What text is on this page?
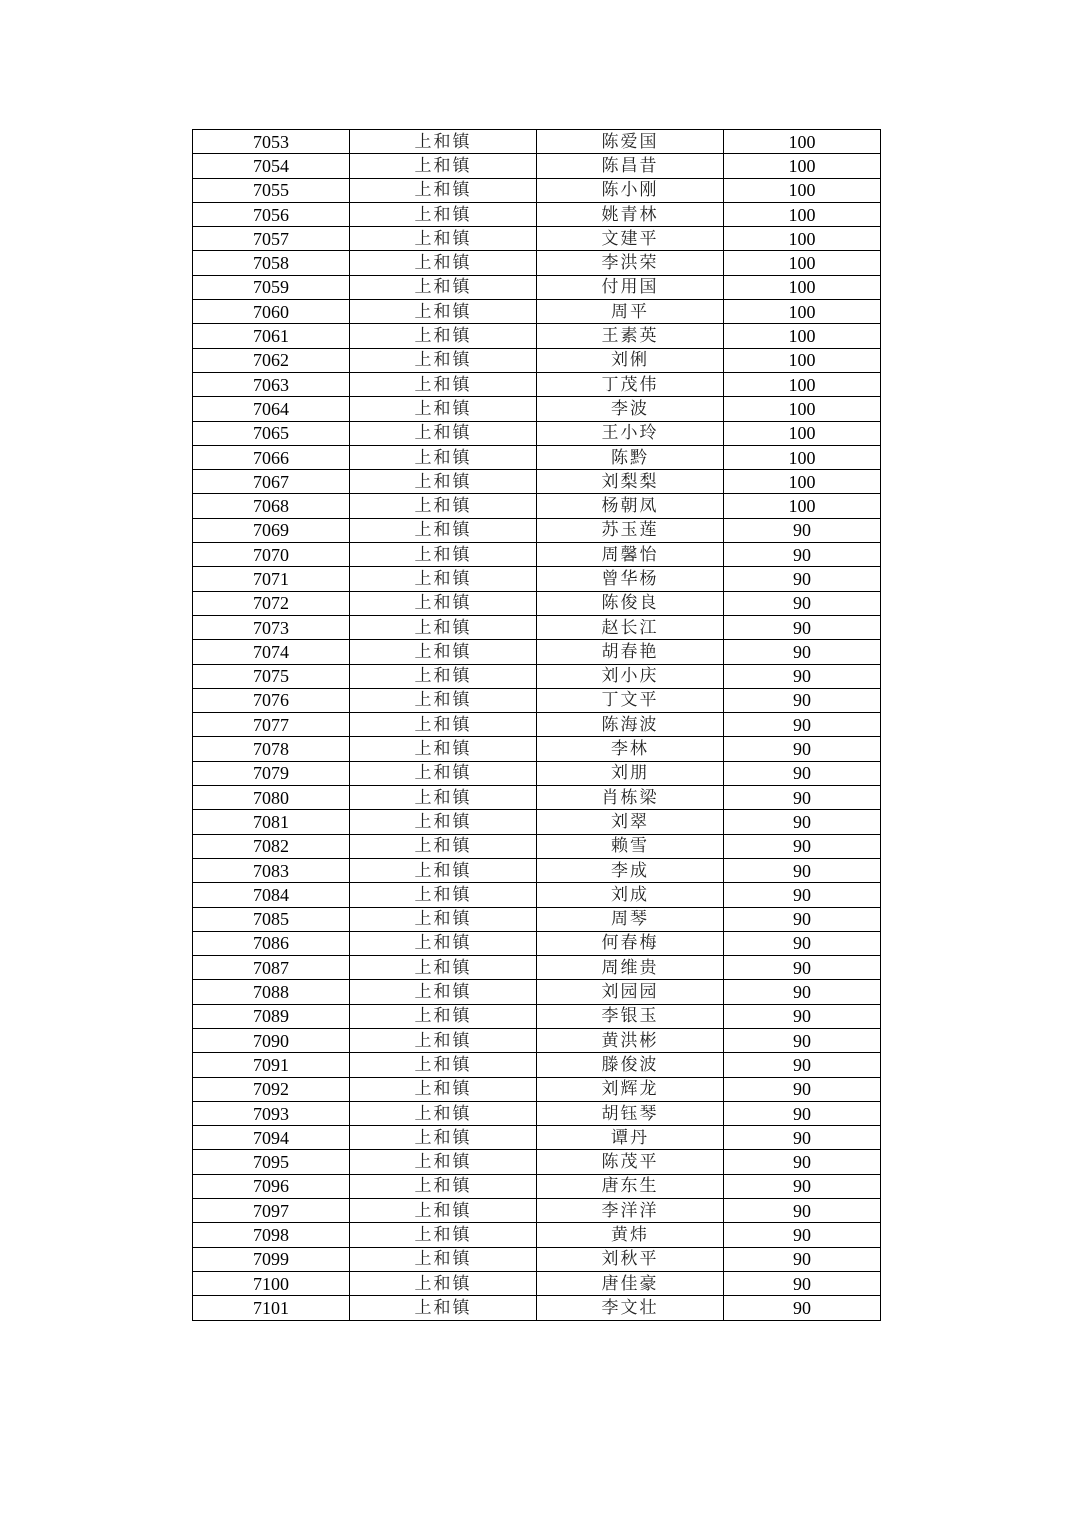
7053	上和镇	陈爱国	100
7054	上和镇	陈昌昔	100
7055	上和镇	陈小刚	100
7056	上和镇	姚青林	100
7057	上和镇	文建平	100
7058	上和镇	李洪荣	100
7059	上和镇	付用国	100
7060	上和镇	周平	100
7061	上和镇	王素英	100
7062	上和镇	刘俐	100
7063	上和镇	丁茂伟	100
7064	上和镇	李波	100
7065	上和镇	王小玲	100
7066	上和镇	陈黔	100
7067	上和镇	刘梨梨	100
7068	上和镇	杨朝凤	100
7069	上和镇	苏玉莲	90
7070	上和镇	周馨怡	90
7071	上和镇	曾华杨	90
7072	上和镇	陈俊良	90
7073	上和镇	赵长江	90
7074	上和镇	胡春艳	90
7075	上和镇	刘小庆	90
7076	上和镇	丁文平	90
7077	上和镇	陈海波	90
7078	上和镇	李林	90
7079	上和镇	刘朋	90
7080	上和镇	肖栋梁	90
7081	上和镇	刘翠	90
7082	上和镇	赖雪	90
7083	上和镇	李成	90
7084	上和镇	刘成	90
7085	上和镇	周琴	90
7086	上和镇	何春梅	90
7087	上和镇	周维贵	90
7088	上和镇	刘园园	90
7089	上和镇	李银玉	90
7090	上和镇	黄洪彬	90
7091	上和镇	滕俊波	90
7092	上和镇	刘辉龙	90
7093	上和镇	胡钰琴	90
7094	上和镇	谭丹	90
7095	上和镇	陈茂平	90
7096	上和镇	唐东生	90
7097	上和镇	李洋洋	90
7098	上和镇	黄炜	90
7099	上和镇	刘秋平	90
7100	上和镇	唐佳豪	90
7101	上和镇	李文壮	90
